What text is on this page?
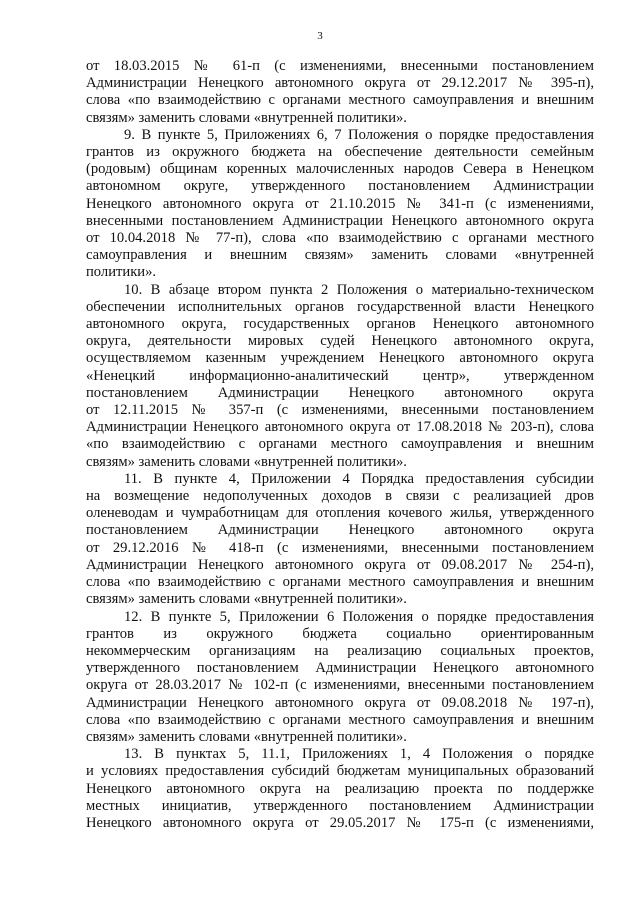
3

от 18.03.2015 № 61-п (с изменениями, внесенными постановлением

Администрации Ненецкого автономного округа от 29.12.2017 № 395-п),

слова «по взаимодействию с органами местного самоуправления и внешним

связям» заменить словами «внутренней политики».

9. В пункте 5, Приложениях 6, 7 Положения о порядке предоставления

грантов из окружного бюджета на обеспечение деятельности семейным

(родовым) общинам коренных малочисленных народов Севера в Ненецком

автономном округе, утвержденного постановлением Администрации

Ненецкого автономного округа от 21.10.2015 № 341-п (с изменениями,

внесенными постановлением Администрации Ненецкого автономного округа

от 10.04.2018 № 77-п), слова «по взаимодействию с органами местного

самоуправления и внешним связям» заменить словами «внутренней

политики».

10. В абзаце втором пункта 2 Положения о материально-техническом

обеспечении исполнительных органов государственной власти Ненецкого

автономного округа, государственных органов Ненецкого автономного

округа, деятельности мировых судей Ненецкого автономного округа,

осуществляемом казенным учреждением Ненецкого автономного округа

«Ненецкий информационно-аналитический центр», утвержденном

постановлением Администрации Ненецкого автономного округа

от 12.11.2015 № 357-п (с изменениями, внесенными постановлением

Администрации Ненецкого автономного округа от 17.08.2018 № 203-п), слова

«по взаимодействию с органами местного самоуправления и внешним

связям» заменить словами «внутренней политики».

11. В пункте 4, Приложении 4 Порядка предоставления субсидии

на возмещение недополученных доходов в связи с реализацией дров

оленеводам и чумработницам для отопления кочевого жилья, утвержденного

постановлением Администрации Ненецкого автономного округа

от 29.12.2016 № 418-п (с изменениями, внесенными постановлением

Администрации Ненецкого автономного округа от 09.08.2017 № 254-п),

слова «по взаимодействию с органами местного самоуправления и внешним

связям» заменить словами «внутренней политики».

12. В пункте 5, Приложении 6 Положения о порядке предоставления

грантов из окружного бюджета социально ориентированным

некоммерческим организациям на реализацию социальных проектов,

утвержденного постановлением Администрации Ненецкого автономного

округа от 28.03.2017 № 102-п (с изменениями, внесенными постановлением

Администрации Ненецкого автономного округа от 09.08.2018 № 197-п),

слова «по взаимодействию с органами местного самоуправления и внешним

связям» заменить словами «внутренней политики».

13. В пунктах 5, 11.1, Приложениях 1, 4 Положения о порядке

и условиях предоставления субсидий бюджетам муниципальных образований

Ненецкого автономного округа на реализацию проекта по поддержке

местных инициатив, утвержденного постановлением Администрации

Ненецкого автономного округа от 29.05.2017 № 175-п (с изменениями,
